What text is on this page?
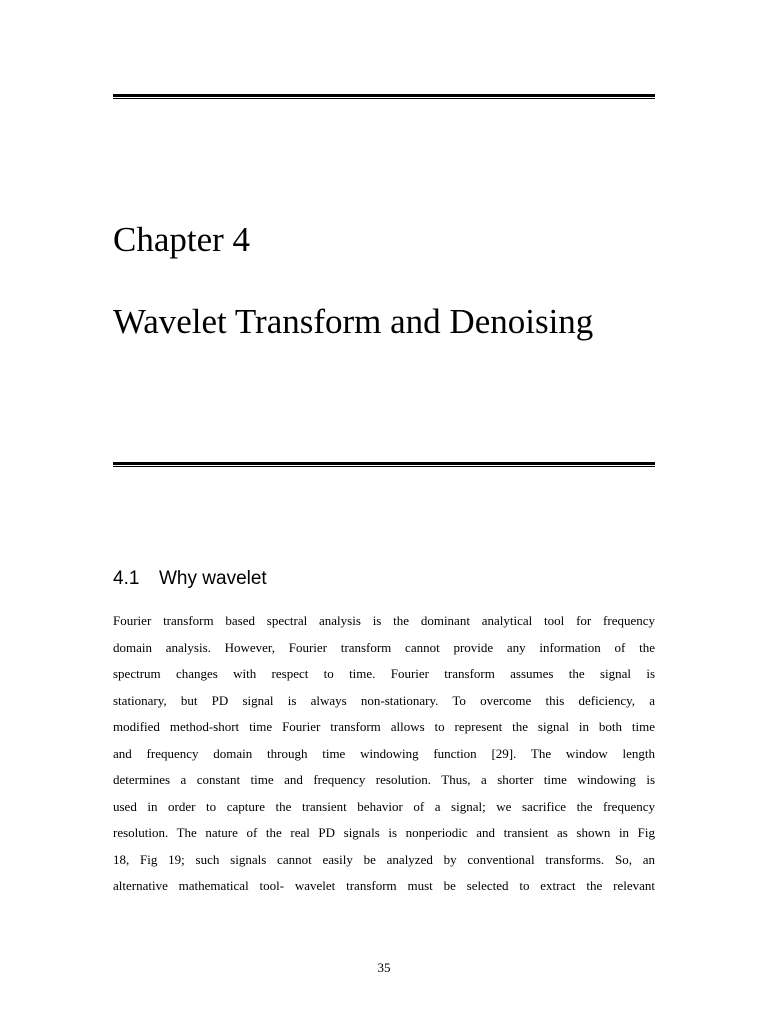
Chapter 4
Wavelet Transform and Denoising
4.1 Why wavelet
Fourier transform based spectral analysis is the dominant analytical tool for frequency
domain analysis. However, Fourier transform cannot provide any information of the
spectrum changes with respect to time. Fourier transform assumes the signal is
stationary, but PD signal is always non-stationary. To overcome this deficiency, a
modified method-short time Fourier transform allows to represent the signal in both time
and frequency domain through time windowing function [29]. The window length
determines a constant time and frequency resolution. Thus, a shorter time windowing is
used in order to capture the transient behavior of a signal; we sacrifice the frequency
resolution. The nature of the real PD signals is nonperiodic and transient as shown in Fig
18, Fig 19; such signals cannot easily be analyzed by conventional transforms. So, an
alternative mathematical tool- wavelet transform must be selected to extract the relevant
35
